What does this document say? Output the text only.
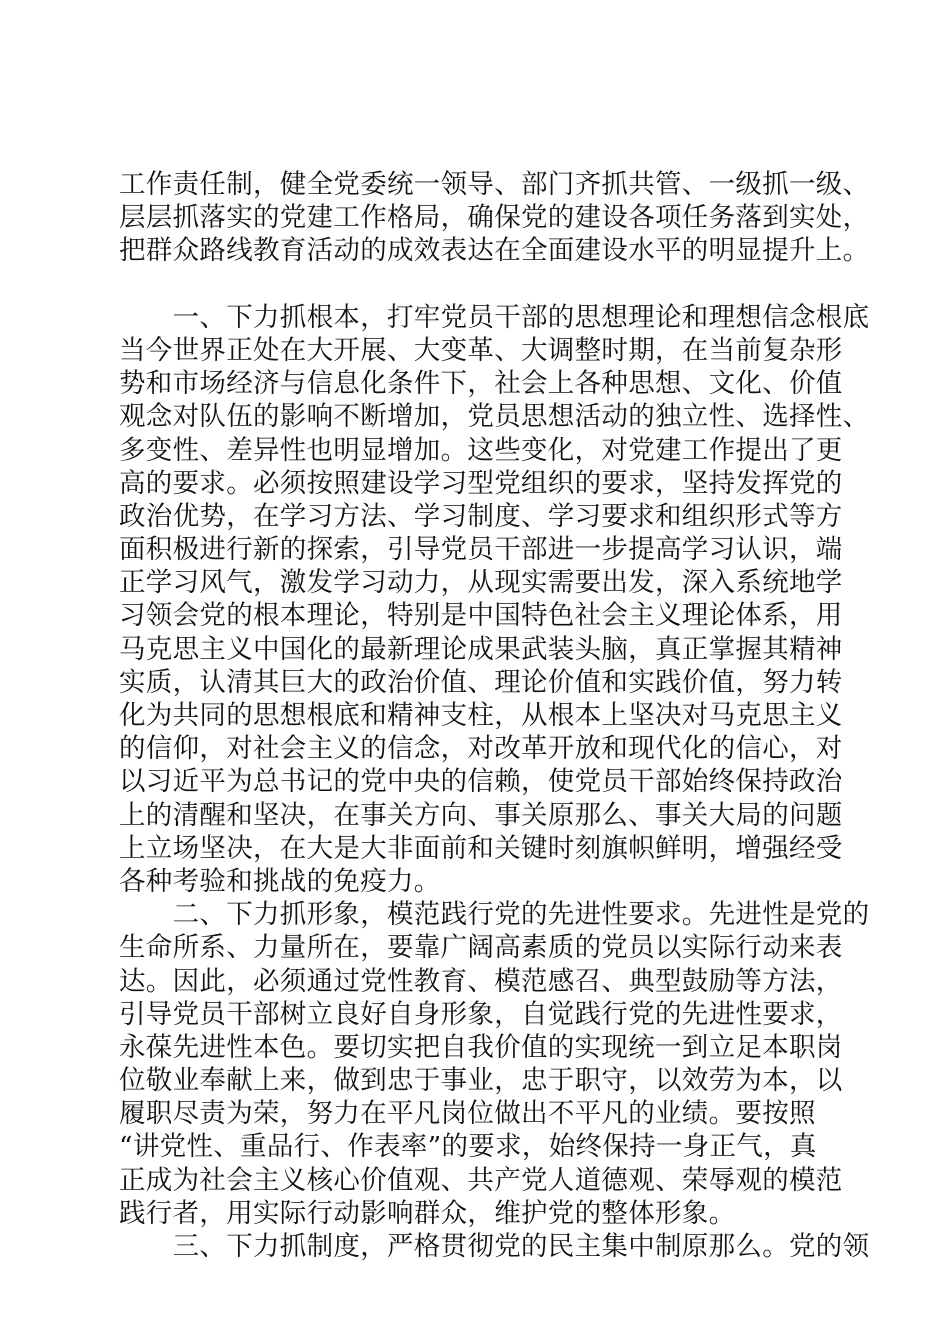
工作责任制，健全党委统一领导、部门齐抓共管、一级抓一级、
层层抓落实的党建工作格局，确保党的建设各项任务落到实处，
把群众路线教育活动的成效表达在全面建设水平的明显提升上。
　　一、下力抓根本，打牢党员干部的思想理论和理想信念根底
当今世界正处在大开展、大变革、大调整时期，在当前复杂形
势和市场经济与信息化条件下，社会上各种思想、文化、价值
观念对队伍的影响不断增加，党员思想活动的独立性、选择性、
多变性、差异性也明显增加。这些变化，对党建工作提出了更
高的要求。必须按照建设学习型党组织的要求，坚持发挥党的
政治优势，在学习方法、学习制度、学习要求和组织形式等方
面积极进行新的探索，引导党员干部进一步提高学习认识，端
正学习风气，激发学习动力，从现实需要出发，深入系统地学
习领会党的根本理论，特别是中国特色社会主义理论体系，用
马克思主义中国化的最新理论成果武装头脑，真正掌握其精神
实质，认清其巨大的政治价值、理论价值和实践价值，努力转
化为共同的思想根底和精神支柱，从根本上坚决对马克思主义
的信仰，对社会主义的信念，对改革开放和现代化的信心，对
以习近平为总书记的党中央的信赖，使党员干部始终保持政治
上的清醒和坚决，在事关方向、事关原那么、事关大局的问题
上立场坚决，在大是大非面前和关键时刻旗帜鲜明，增强经受
各种考验和挑战的免疫力。
　　二、下力抓形象，模范践行党的先进性要求。先进性是党的
生命所系、力量所在，要靠广阔高素质的党员以实际行动来表
达。因此，必须通过党性教育、模范感召、典型鼓励等方法，
引导党员干部树立良好自身形象，自觉践行党的先进性要求，
永葆先进性本色。要切实把自我价值的实现统一到立足本职岗
位敬业奉献上来，做到忠于事业，忠于职守，以效劳为本，以
履职尽责为荣，努力在平凡岗位做出不平凡的业绩。要按照
“讲党性、重品行、作表率”的要求，始终保持一身正气，真
正成为社会主义核心价值观、共产党人道德观、荣辱观的模范
践行者，用实际行动影响群众，维护党的整体形象。
　　三、下力抓制度，严格贯彻党的民主集中制原那么。党的领
